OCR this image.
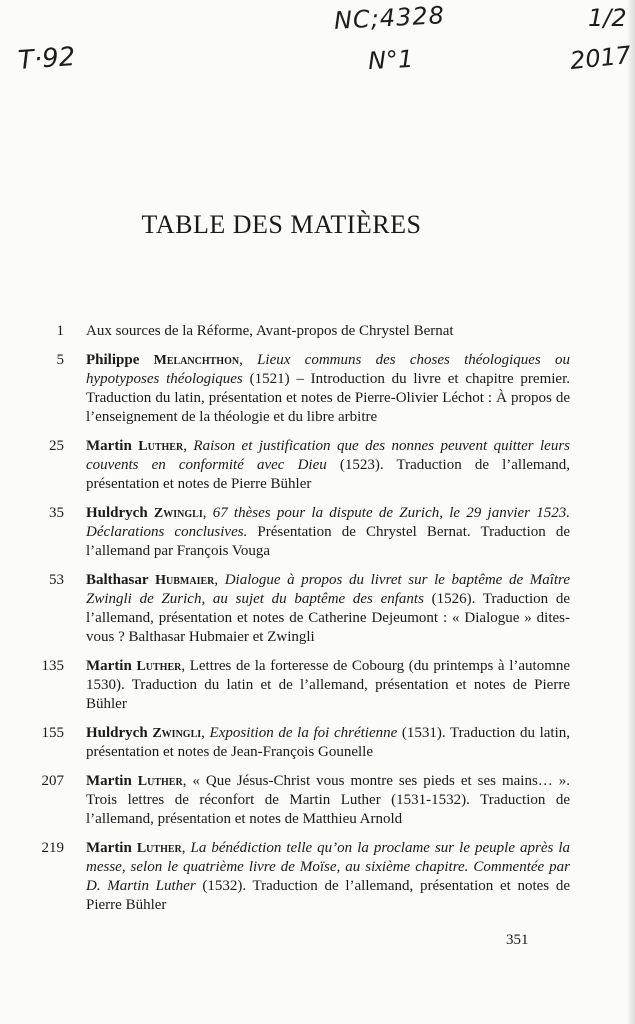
T·92
NC;4328
N°1
1/2
2017
TABLE DES MATIÈRES
1	Aux sources de la Réforme, Avant-propos de Chrystel Bernat
5	Philippe Melanchthon, Lieux communs des choses théologiques ou hypotyposes théologiques (1521) – Introduction du livre et chapitre premier. Traduction du latin, présentation et notes de Pierre-Olivier Léchot : À propos de l’enseignement de la théologie et du libre arbitre
25	Martin Luther, Raison et justification que des nonnes peuvent quitter leurs couvents en conformité avec Dieu (1523). Traduction de l’allemand, présentation et notes de Pierre Bühler
35	Huldrych Zwingli, 67 thèses pour la dispute de Zurich, le 29 janvier 1523. Déclarations conclusives. Présentation de Chrystel Bernat. Traduction de l’allemand par François Vouga
53	Balthasar Hubmaier, Dialogue à propos du livret sur le baptême de Maître Zwingli de Zurich, au sujet du baptême des enfants (1526). Traduction de l’allemand, présentation et notes de Catherine Dejeumont : « Dialogue » dites-vous ? Balthasar Hubmaier et Zwingli
135	Martin Luther, Lettres de la forteresse de Cobourg (du printemps à l’automne 1530). Traduction du latin et de l’allemand, présentation et notes de Pierre Bühler
155	Huldrych Zwingli, Exposition de la foi chrétienne (1531). Traduction du latin, présentation et notes de Jean-François Gounelle
207	Martin Luther, « Que Jésus-Christ vous montre ses pieds et ses mains… ». Trois lettres de réconfort de Martin Luther (1531-1532). Traduction de l’allemand, présentation et notes de Matthieu Arnold
219	Martin Luther, La bénédiction telle qu’on la proclame sur le peuple après la messe, selon le quatrième livre de Moïse, au sixième chapitre. Commentée par D. Martin Luther (1532). Traduction de l’allemand, présentation et notes de Pierre Bühler
351
